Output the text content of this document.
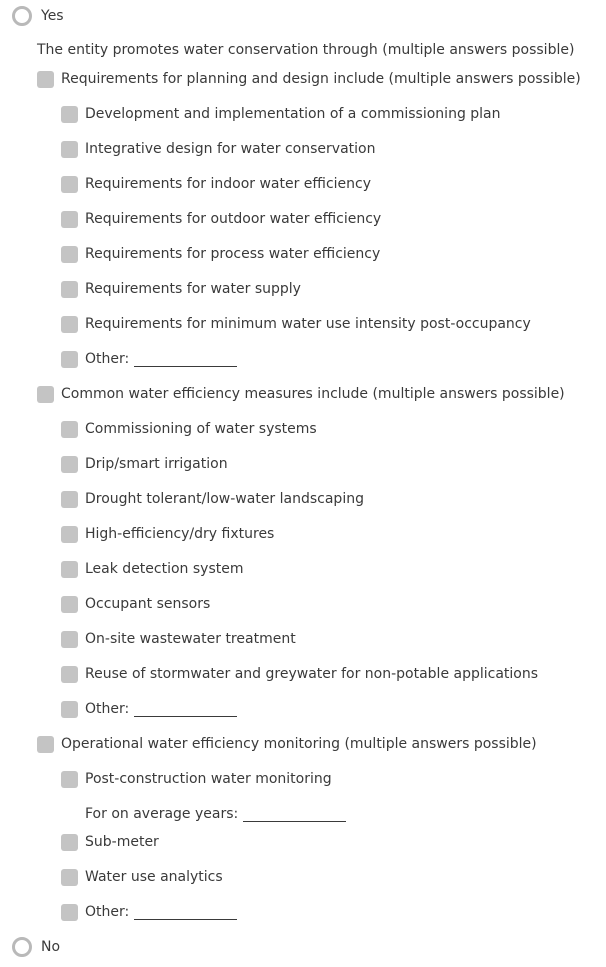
Yes
The entity promotes water conservation through (multiple answers possible)
Requirements for planning and design include (multiple answers possible)
Development and implementation of a commissioning plan
Integrative design for water conservation
Requirements for indoor water efficiency
Requirements for outdoor water efficiency
Requirements for process water efficiency
Requirements for water supply
Requirements for minimum water use intensity post-occupancy
Other:
Common water efficiency measures include (multiple answers possible)
Commissioning of water systems
Drip/smart irrigation
Drought tolerant/low-water landscaping
High-efficiency/dry fixtures
Leak detection system
Occupant sensors
On-site wastewater treatment
Reuse of stormwater and greywater for non-potable applications
Other:
Operational water efficiency monitoring (multiple answers possible)
Post-construction water monitoring
For on average years:
Sub-meter
Water use analytics
Other:
No
